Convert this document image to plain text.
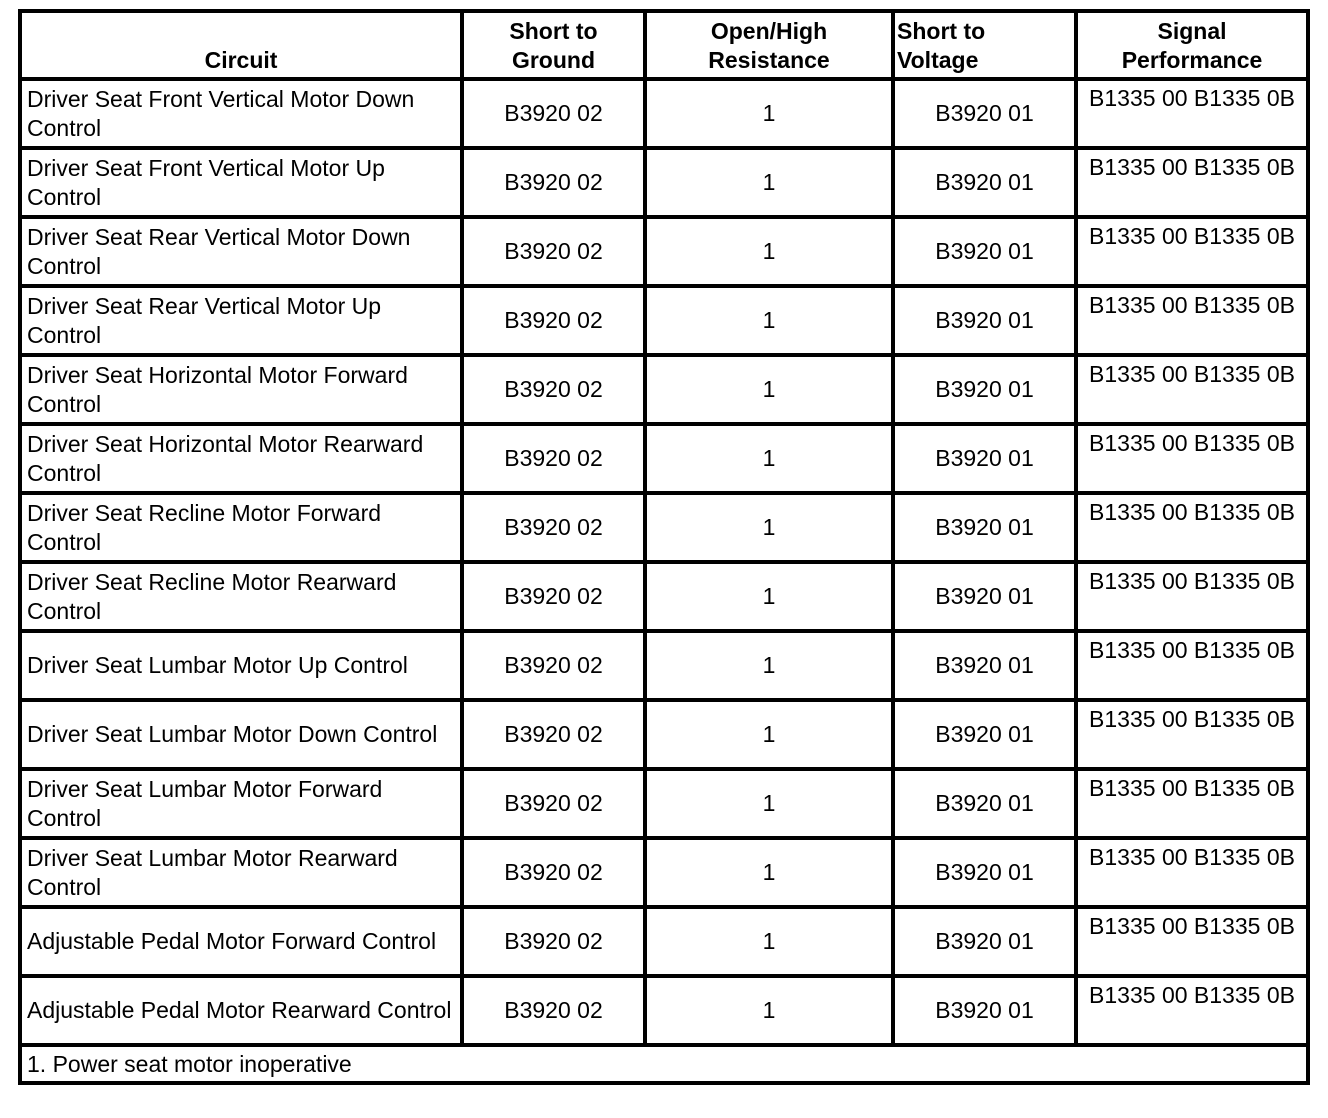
Circuit	Short to Ground	Open/High Resistance	Short to Voltage	Signal Performance
Driver Seat Front Vertical Motor Down Control	B3920 02	1	B3920 01	B1335 00 B1335 0B
Driver Seat Front Vertical Motor Up Control	B3920 02	1	B3920 01	B1335 00 B1335 0B
Driver Seat Rear Vertical Motor Down Control	B3920 02	1	B3920 01	B1335 00 B1335 0B
Driver Seat Rear Vertical Motor Up Control	B3920 02	1	B3920 01	B1335 00 B1335 0B
Driver Seat Horizontal Motor Forward Control	B3920 02	1	B3920 01	B1335 00 B1335 0B
Driver Seat Horizontal Motor Rearward Control	B3920 02	1	B3920 01	B1335 00 B1335 0B
Driver Seat Recline Motor Forward Control	B3920 02	1	B3920 01	B1335 00 B1335 0B
Driver Seat Recline Motor Rearward Control	B3920 02	1	B3920 01	B1335 00 B1335 0B
Driver Seat Lumbar Motor Up Control	B3920 02	1	B3920 01	B1335 00 B1335 0B
Driver Seat Lumbar Motor Down Control	B3920 02	1	B3920 01	B1335 00 B1335 0B
Driver Seat Lumbar Motor Forward Control	B3920 02	1	B3920 01	B1335 00 B1335 0B
Driver Seat Lumbar Motor Rearward Control	B3920 02	1	B3920 01	B1335 00 B1335 0B
Adjustable Pedal Motor Forward Control	B3920 02	1	B3920 01	B1335 00 B1335 0B
Adjustable Pedal Motor Rearward Control	B3920 02	1	B3920 01	B1335 00 B1335 0B
1. Power seat motor inoperative				
